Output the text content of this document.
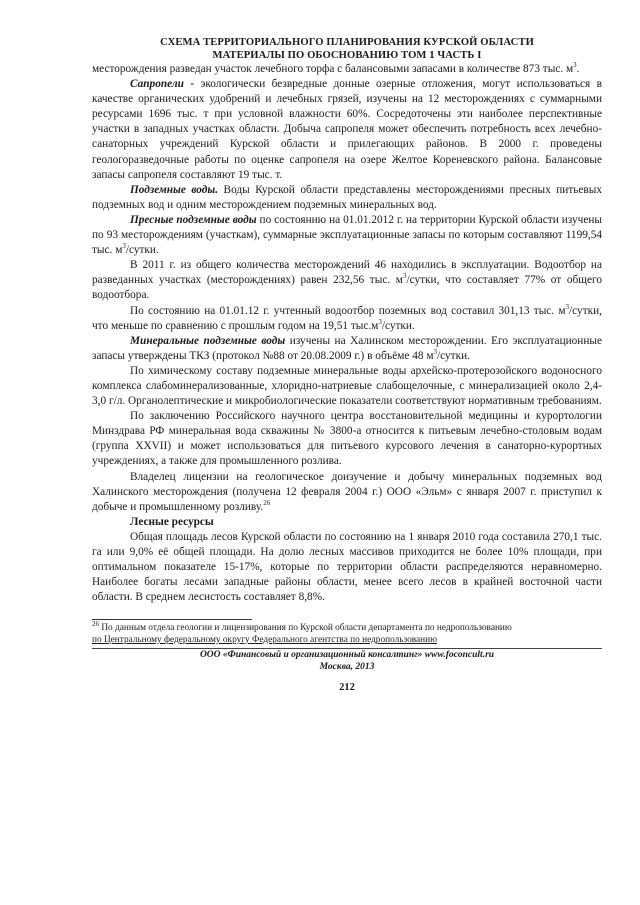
СХЕМА ТЕРРИТОРИАЛЬНОГО ПЛАНИРОВАНИЯ КУРСКОЙ ОБЛАСТИ
МАТЕРИАЛЫ ПО ОБОСНОВАНИЮ ТОМ 1 ЧАСТЬ I

месторождения разведан участок лечебного торфа с балансовыми запасами в количестве 873 тыс. $м^3$.

Сапропели - экологически безвредные донные озерные отложения, могут использоваться в качестве органических удобрений и лечебных грязей, изучены на 12 месторождениях с суммарными ресурсами 1696 тыс. т при условной влажности 60%. Сосредоточены эти наиболее перспективные участки в западных участках области. Добыча сапропеля может обеспечить потребность всех лечебно-санаторных учреждений Курской области и прилегающих районов. В 2000 г. проведены геологоразведочные работы по оценке сапропеля на озере Желтое Кореневского района. Балансовые запасы сапропеля составляют 19 тыс. т.

Подземные воды. Воды Курской области представлены месторождениями пресных питьевых подземных вод и одним месторождением подземных минеральных вод.

Пресные подземные воды по состоянию на 01.01.2012 г. на территории Курской области изучены по 93 месторождениям (участкам), суммарные эксплуатационные запасы по которым составляют 1199,54 тыс. $м^3$/сутки.

В 2011 г. из общего количества месторождений 46 находились в эксплуатации. Водоотбор на разведанных участках (месторождениях) равен 232,56 тыс. $м^3$/сутки, что составляет 77% от общего водоотбора.

По состоянию на 01.01.12 г. учтенный водоотбор поземных вод составил 301,13 тыс. $м^3$/сутки, что меньше по сравнению с прошлым годом на 19,51 $тыс.м^3$/сутки.

Минеральные подземные воды изучены на Халинском месторождении. Его эксплуатационные запасы утверждены ТКЗ (протокол №88 от 20.08.2009 г.) в объёме 48 $м^3$/сутки.

По химическому составу подземные минеральные воды архейско-протерозойского водоносного комплекса слабоминерализованные, хлоридно-натриевые слабощелочные, с минерализацией около 2,4-3,0 г/л. Органолептические и микробиологические показатели соответствуют нормативным требованиям.

По заключению Российского научного центра восстановительной медицины и курортологии Минздрава РФ минеральная вода скважины № 3800-а относится к питьевым лечебно-столовым водам (группа XXVII) и может использоваться для питьевого курсового лечения в санаторно-курортных учреждениях, а также для промышленного розлива.

Владелец лицензии на геологическое доизучение и добычу минеральных подземных вод Халинского месторождения (получена 12 февраля 2004 г.) ООО «Эльм» с января 2007 г. приступил к добыче и промышленному розливу.$^{26}$

Лесные ресурсы

Общая площадь лесов Курской области по состоянию на 1 января 2010 года составила 270,1 тыс. га или 9,0% её общей площади. На долю лесных массивов приходится не более 10% площади, при оптимальном показателе 15-17%, которые по территории области распределяются неравномерно. Наиболее богаты лесами западные районы области, менее всего лесов в крайней восточной части области. В среднем лесистость составляет 8,8%.

$^{26}$ По данным отдела геологии и лицензирования по Курской области департамента по недропользованию
по Центральному федеральному округу Федерального агентства по недропользованию

ООО «Финансовый и организационный консалтинг» www.foconcult.ru
Москва, 2013
212
